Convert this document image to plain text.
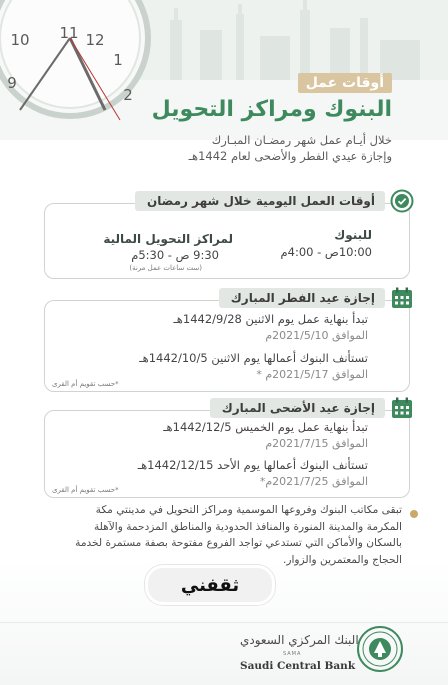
11
1
12
10
9
2
أوقات عمل
البنوك ومراكز التحويل
خلال أيـام عمل شهر رمضـان المبـارك
وإجازة عيدي الفطر والأضحى لعام 1442هـ
أوقات العمل اليومية خلال شهر رمضان
للبنوك
10:00ص - 4:00م
لمراكز التحويل المالية
9:30 ص - 5:30م
(ست ساعات عمل مرنة)
إجازة عيد الفطر المبارك
تبدأ بنهاية عمل يوم الاثنين 1442/9/28هـ
الموافق 2021/5/10م
تستأنف البنوك أعمالها يوم الاثنين 1442/10/5هـ
الموافق 2021/5/17م *
*حسب تقويم أم القرى
إجازة عيد الأضحى المبارك
تبدأ بنهاية عمل يوم الخميس 1442/12/5هـ
الموافق 2021/7/15م
تستأنف البنوك أعمالها يوم الأحد 1442/12/15هـ
الموافق 2021/7/25م*
*حسب تقويم أم القرى
تبقى مكاتب البنوك وفروعها الموسمية ومراكز التحويل في مدينتي مكة المكرمة والمدينة المنورة والمنافذ الحدودية والمناطق المزدحمة والآهلة بالسكان والأماكن التي تستدعي تواجد الفروع مفتوحة بصفة مستمرة لخدمة الحجاج والمعتمرين والزوار.
ثقفني
البنك المركزي السعودي
SAMA
Saudi Central Bank
